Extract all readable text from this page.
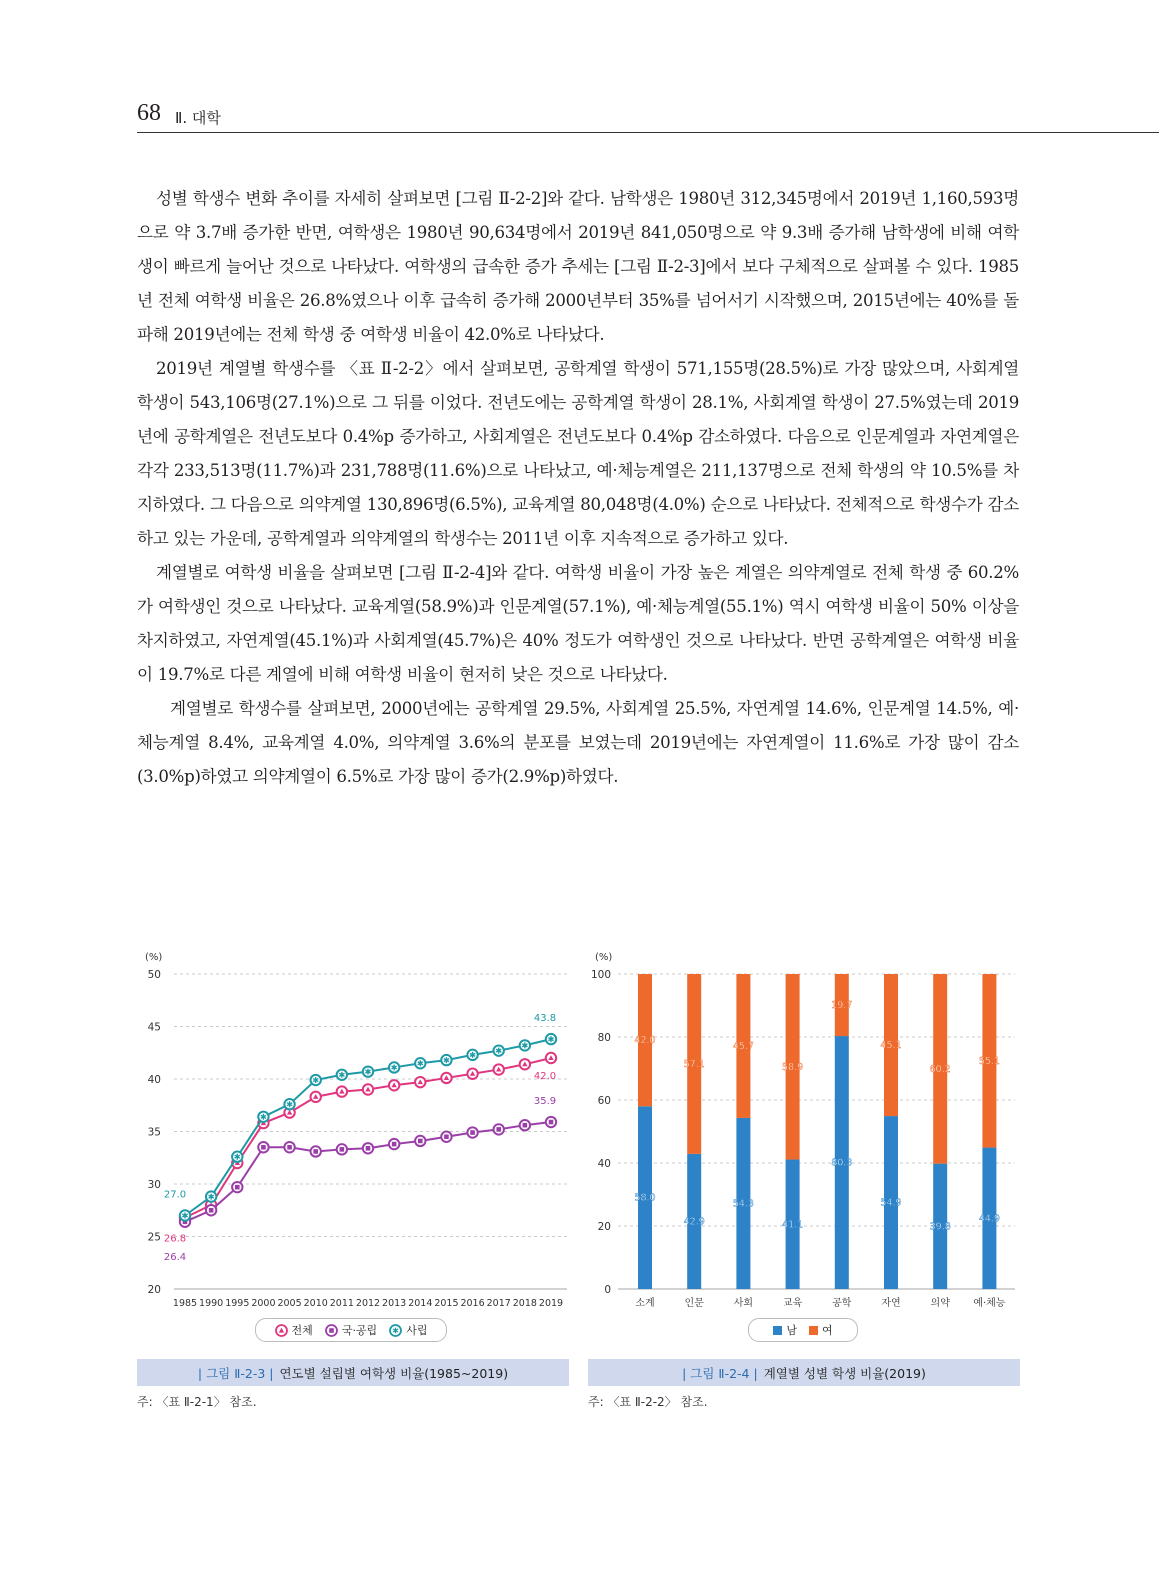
68 Ⅱ. 대학

성별 학생수 변화 추이를 자세히 살펴보면 [그림 Ⅱ-2-2]와 같다. 남학생은 1980년 312,345명에서 2019년 1,160,593명으로 약 3.7배 증가한 반면, 여학생은 1980년 90,634명에서 2019년 841,050명으로 약 9.3배 증가해 남학생에 비해 여학생이 빠르게 늘어난 것으로 나타났다. 여학생의 급속한 증가 추세는 [그림 Ⅱ-2-3]에서 보다 구체적으로 살펴볼 수 있다. 1985년 전체 여학생 비율은 26.8%였으나 이후 급속히 증가해 2000년부터 35%를 넘어서기 시작했으며, 2015년에는 40%를 돌파해 2019년에는 전체 학생 중 여학생 비율이 42.0%로 나타났다.

2019년 계열별 학생수를 〈표 Ⅱ-2-2〉에서 살펴보면, 공학계열 학생이 571,155명(28.5%)로 가장 많았으며, 사회계열 학생이 543,106명(27.1%)으로 그 뒤를 이었다. 전년도에는 공학계열 학생이 28.1%, 사회계열 학생이 27.5%였는데 2019년에 공학계열은 전년도보다 0.4%p 증가하고, 사회계열은 전년도보다 0.4%p 감소하였다. 다음으로 인문계열과 자연계열은 각각 233,513명(11.7%)과 231,788명(11.6%)으로 나타났고, 예·체능계열은 211,137명으로 전체 학생의 약 10.5%를 차지하였다. 그 다음으로 의약계열 130,896명(6.5%), 교육계열 80,048명(4.0%) 순으로 나타났다. 전체적으로 학생수가 감소하고 있는 가운데, 공학계열과 의약계열의 학생수는 2011년 이후 지속적으로 증가하고 있다.

계열별로 여학생 비율을 살펴보면 [그림 Ⅱ-2-4]와 같다. 여학생 비율이 가장 높은 계열은 의약계열로 전체 학생 중 60.2%가 여학생인 것으로 나타났다. 교육계열(58.9%)과 인문계열(57.1%), 예·체능계열(55.1%) 역시 여학생 비율이 50% 이상을 차지하였고, 자연계열(45.1%)과 사회계열(45.7%)은 40% 정도가 여학생인 것으로 나타났다. 반면 공학계열은 여학생 비율이 19.7%로 다른 계열에 비해 여학생 비율이 현저히 낮은 것으로 나타났다.

계열별로 학생수를 살펴보면, 2000년에는 공학계열 29.5%, 사회계열 25.5%, 자연계열 14.6%, 인문계열 14.5%, 예·체능계열 8.4%, 교육계열 4.0%, 의약계열 3.6%의 분포를 보였는데 2019년에는 자연계열이 11.6%로 가장 많이 감소(3.0%p)하였고 의약계열이 6.5%로 가장 많이 증가(2.9%p)하였다.

(%)
20
25
30
35
40
45
50
1985 1990 1995 2000 2005 2010 2011 2012 2013 2014 2015 2016 2017 2018 2019
27.0
26.8
26.4
43.8
42.0
35.9
전체	국·공립	사립
(%)
0
20
40
60
80
100
소계
58.0
42.0
인문
42.9
57.1
사회
54.3
45.7
교육
41.1
58.9
공학
80.3
19.7
자연
54.9
45.1
의약
39.8
60.2
예·체능
44.9
55.1
남 여
| 그림 Ⅱ-2-3 | 연도별 설립별 여학생 비율(1985~2019)	| 그림 Ⅱ-2-4 | 계열별 성별 학생 비율(2019)
주: 〈표 Ⅱ-2-1〉 참조.	주: 〈표 Ⅱ-2-2〉 참조.
